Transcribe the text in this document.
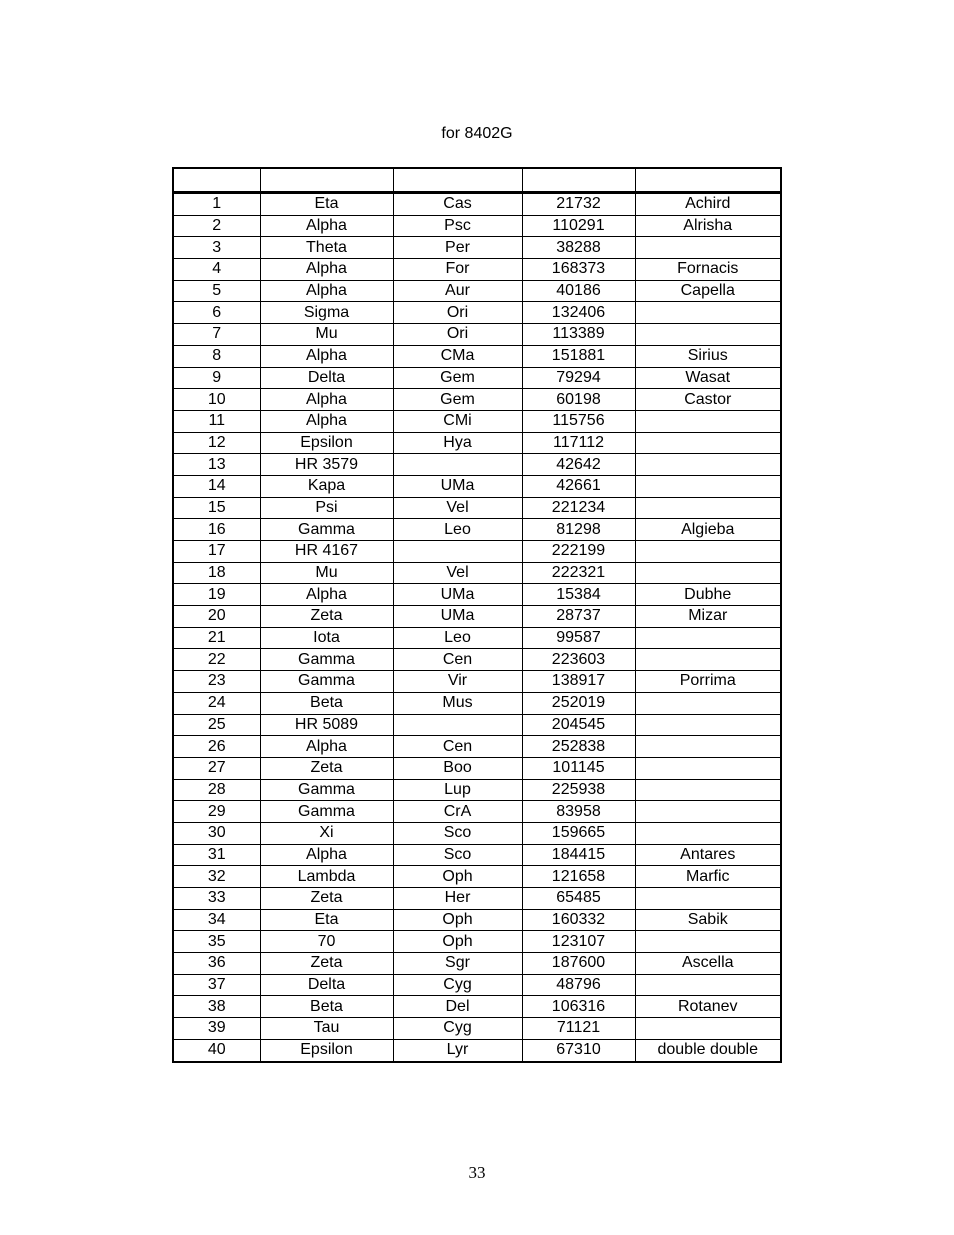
for 8402G

1	Eta	Cas	21732	Achird
2	Alpha	Psc	110291	Alrisha
3	Theta	Per	38288	
4	Alpha	For	168373	Fornacis
5	Alpha	Aur	40186	Capella
6	Sigma	Ori	132406	
7	Mu	Ori	113389	
8	Alpha	CMa	151881	Sirius
9	Delta	Gem	79294	Wasat
10	Alpha	Gem	60198	Castor
11	Alpha	CMi	115756	
12	Epsilon	Hya	117112	
13	HR 3579		42642	
14	Kapa	UMa	42661	
15	Psi	Vel	221234	
16	Gamma	Leo	81298	Algieba
17	HR 4167		222199	
18	Mu	Vel	222321	
19	Alpha	UMa	15384	Dubhe
20	Zeta	UMa	28737	Mizar
21	Iota	Leo	99587	
22	Gamma	Cen	223603	
23	Gamma	Vir	138917	Porrima
24	Beta	Mus	252019	
25	HR 5089		204545	
26	Alpha	Cen	252838	
27	Zeta	Boo	101145	
28	Gamma	Lup	225938	
29	Gamma	CrA	83958	
30	Xi	Sco	159665	
31	Alpha	Sco	184415	Antares
32	Lambda	Oph	121658	Marfic
33	Zeta	Her	65485	
34	Eta	Oph	160332	Sabik
35	70	Oph	123107	
36	Zeta	Sgr	187600	Ascella
37	Delta	Cyg	48796	
38	Beta	Del	106316	Rotanev
39	Tau	Cyg	71121	
40	Epsilon	Lyr	67310	double double
33
